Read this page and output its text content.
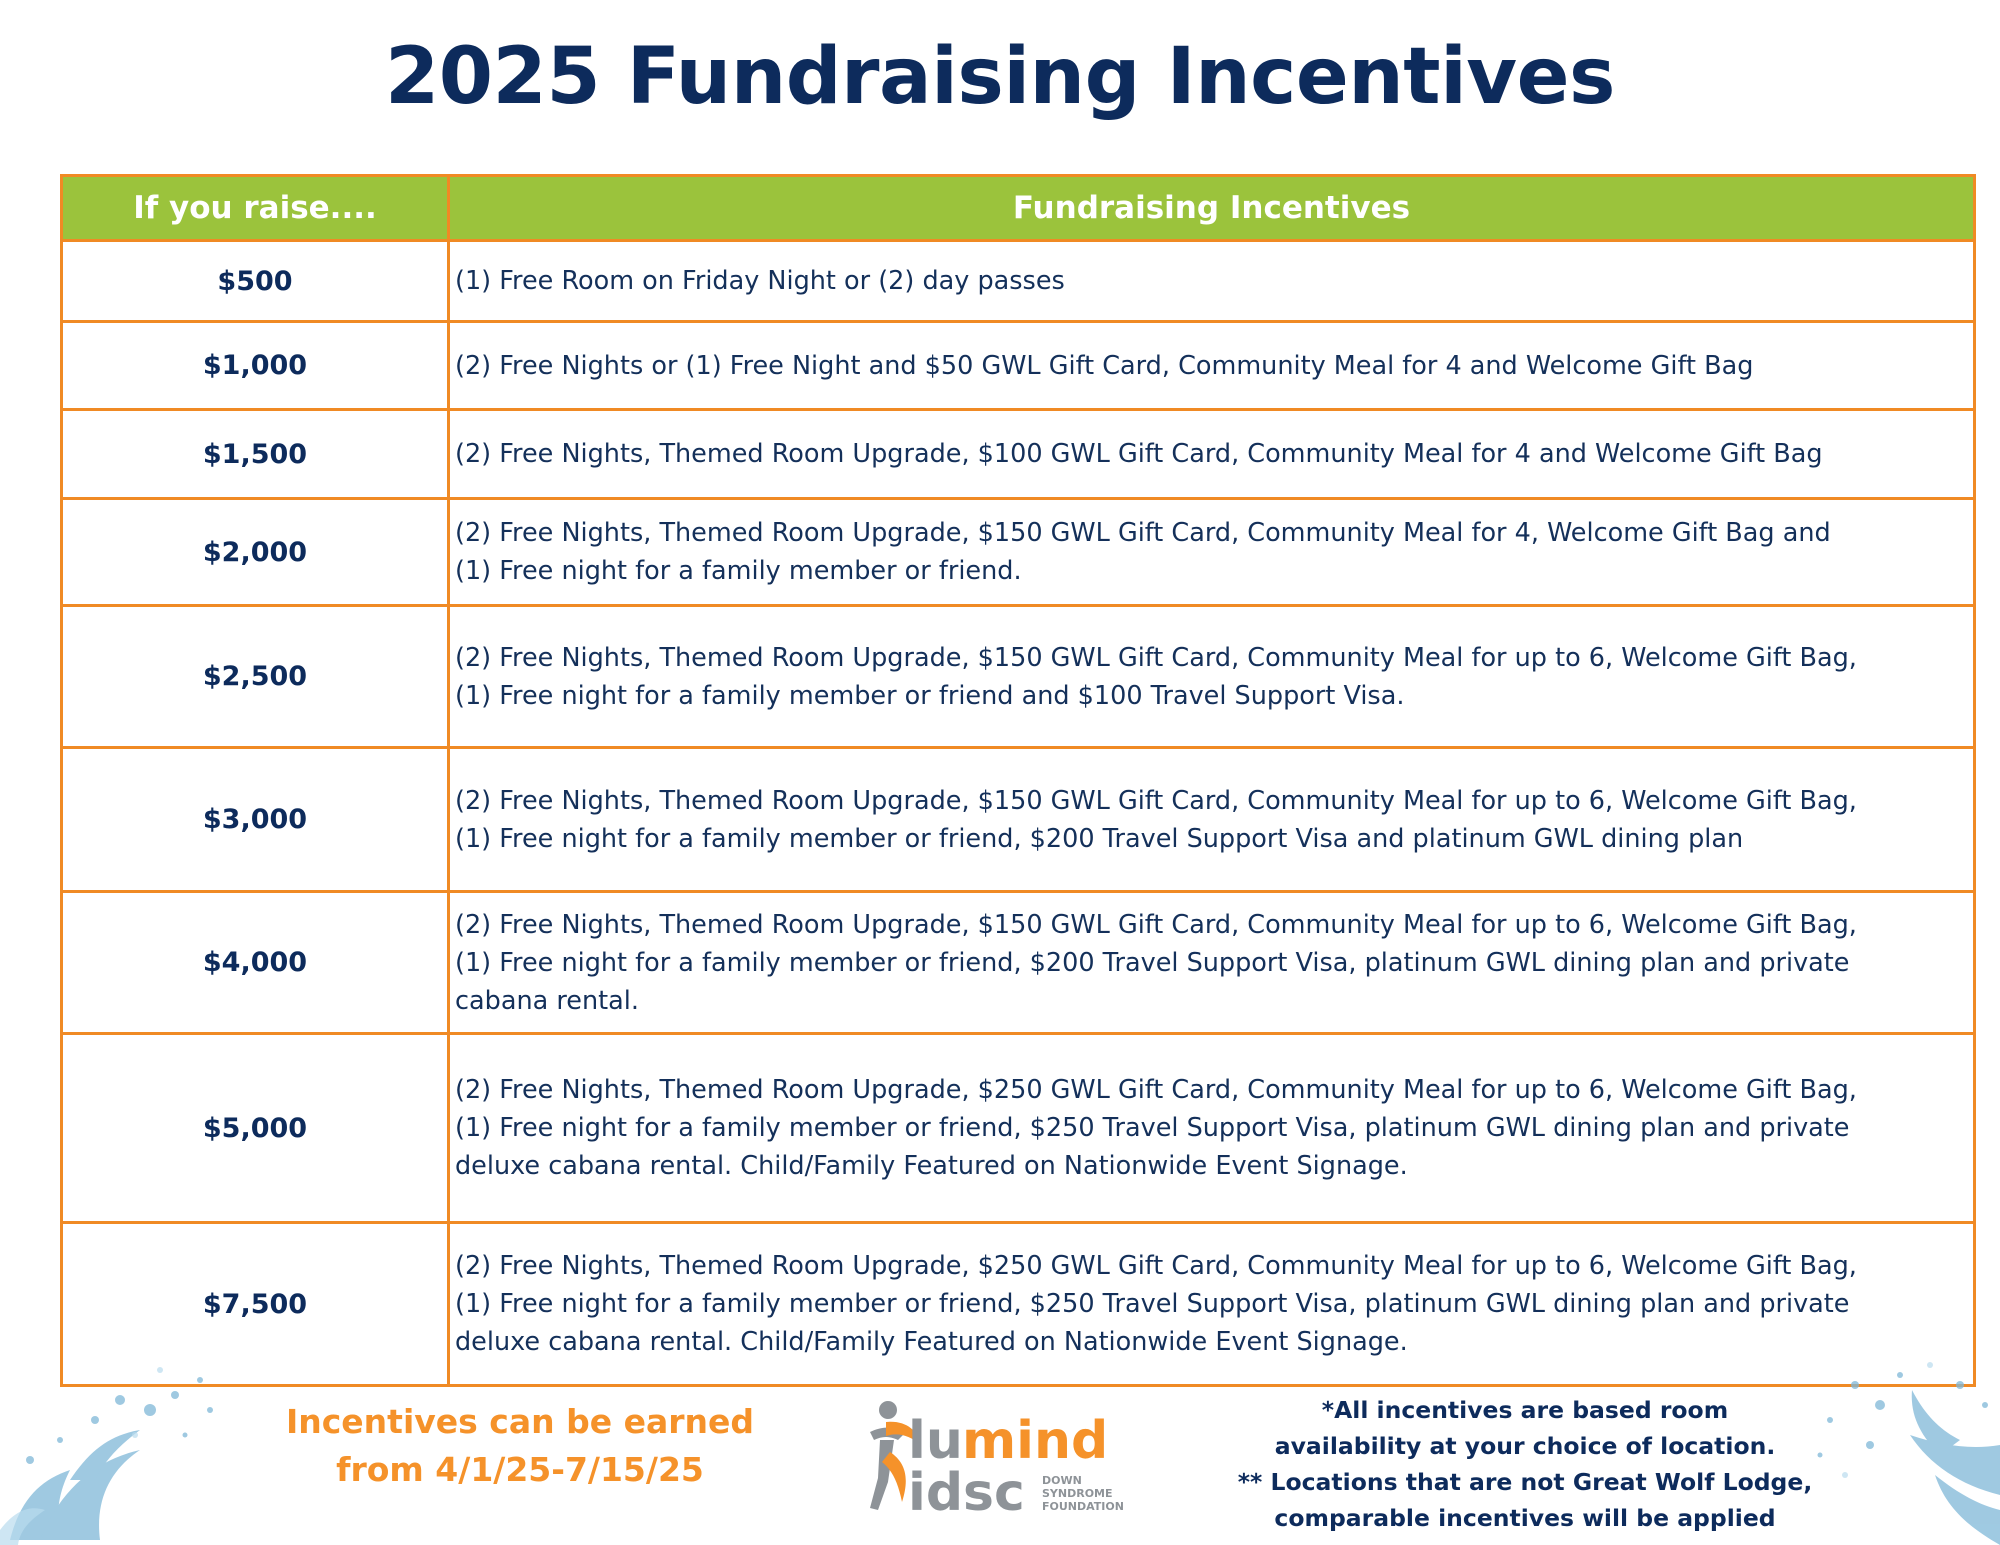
2025 Fundraising Incentives
If you raise....	Fundraising Incentives
$500	(1) Free Room on Friday Night or (2) day passes

$1,000	(2) Free Nights or (1) Free Night and $50 GWL Gift Card, Community Meal for 4 and Welcome Gift Bag

$1,500	(2) Free Nights, Themed Room Upgrade, $100 GWL Gift Card, Community Meal for 4 and Welcome Gift Bag

$2,000	(2) Free Nights, Themed Room Upgrade, $150 GWL Gift Card, Community Meal for 4, Welcome Gift Bag and
(1) Free night for a family member or friend.

$2,500	(2) Free Nights, Themed Room Upgrade, $150 GWL Gift Card, Community Meal for up to 6, Welcome Gift Bag,
(1) Free night for a family member or friend and $100 Travel Support Visa.

$3,000	(2) Free Nights, Themed Room Upgrade, $150 GWL Gift Card, Community Meal for up to 6, Welcome Gift Bag,
(1) Free night for a family member or friend, $200 Travel Support Visa and platinum GWL dining plan

$4,000	(2) Free Nights, Themed Room Upgrade, $150 GWL Gift Card, Community Meal for up to 6, Welcome Gift Bag,
(1) Free night for a family member or friend, $200 Travel Support Visa, platinum GWL dining plan and private
cabana rental.

$5,000	(2) Free Nights, Themed Room Upgrade, $250 GWL Gift Card, Community Meal for up to 6, Welcome Gift Bag,
(1) Free night for a family member or friend, $250 Travel Support Visa, platinum GWL dining plan and private
deluxe cabana rental. Child/Family Featured on Nationwide Event Signage.

$7,500	(2) Free Nights, Themed Room Upgrade, $250 GWL Gift Card, Community Meal for up to 6, Welcome Gift Bag,
(1) Free night for a family member or friend, $250 Travel Support Visa, platinum GWL dining plan and private
deluxe cabana rental. Child/Family Featured on Nationwide Event Signage.
Incentives can be earned
from 4/1/25-7/15/25	lu mind
idsc DOWN
SYNDROME
FOUNDATION
*All incentives are based room
availability at your choice of location.
** Locations that are not Great Wolf Lodge,
comparable incentives will be applied
